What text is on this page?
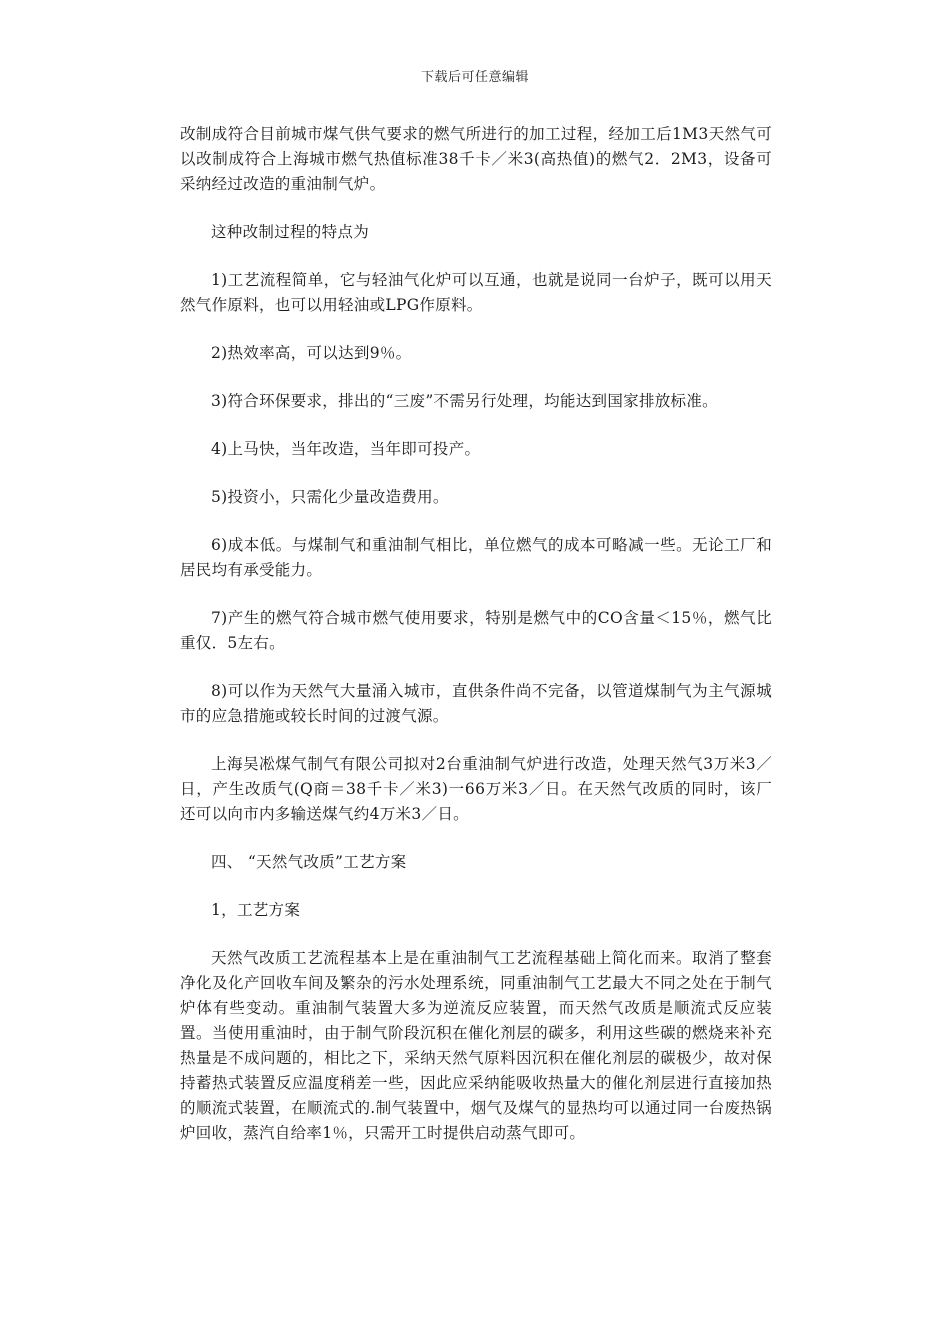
下载后可任意编辑

改制成符合目前城市煤气供气要求的燃气所进行的加工过程，经加工后1M3天然气可以改制成符合上海城市燃气热值标准38千卡／米3(高热值)的燃气2．2M3，设备可采纳经过改造的重油制气炉。

这种改制过程的特点为

1)工艺流程简单，它与轻油气化炉可以互通，也就是说同一台炉子，既可以用天然气作原料，也可以用轻油或LPG作原料。

2)热效率高，可以达到9％。

3)符合环保要求，排出的“三废”不需另行处理，均能达到国家排放标准。

4)上马快，当年改造，当年即可投产。

5)投资小，只需化少量改造费用。

6)成本低。与煤制气和重油制气相比，单位燃气的成本可略减一些。无论工厂和居民均有承受能力。

7)产生的燃气符合城市燃气使用要求，特别是燃气中的CO含量＜15％，燃气比重仅．5左右。

8)可以作为天然气大量涌入城市，直供条件尚不完备，以管道煤制气为主气源城市的应急措施或较长时间的过渡气源。

上海吴凇煤气制气有限公司拟对2台重油制气炉进行改造，处理天然气3万米3／日，产生改质气(Q商＝38千卡／米3)一66万米3／日。在天然气改质的同时，该厂还可以向市内多输送煤气约4万米3／日。

四、 “天然气改质”工艺方案

1，工艺方案

天然气改质工艺流程基本上是在重油制气工艺流程基础上简化而来。取消了整套净化及化产回收车间及繁杂的污水处理系统，同重油制气工艺最大不同之处在于制气炉体有些变动。重油制气装置大多为逆流反应装置，而天然气改质是顺流式反应装置。当使用重油时，由于制气阶段沉积在催化剂层的碳多，利用这些碳的燃烧来补充热量是不成问题的，相比之下，采纳天然气原料因沉积在催化剂层的碳极少，故对保持蓄热式装置反应温度稍差一些，因此应采纳能吸收热量大的催化剂层进行直接加热的顺流式装置，在顺流式的.制气装置中，烟气及煤气的显热均可以通过同一台废热锅炉回收，蒸汽自给率1％，只需开工时提供启动蒸气即可。
